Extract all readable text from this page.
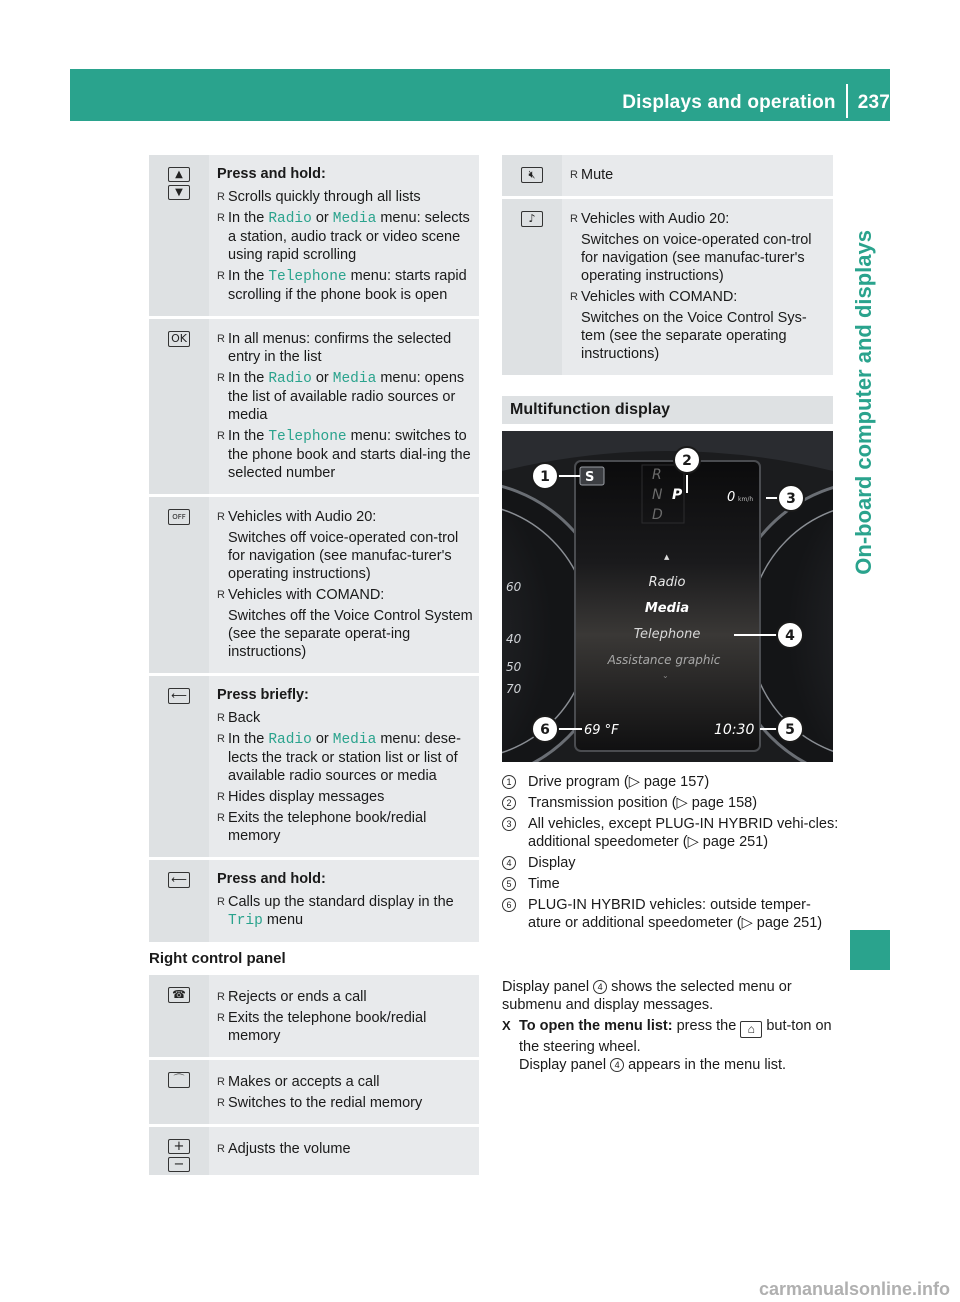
Displays and operation 237
On-board computer and displays
▲
▼
Press and hold:
R Scrolls quickly through all lists
R In the Radio or Media menu: selects a station, audio track or video scene using rapid scrolling
R In the Telephone menu: starts rapid scrolling if the phone book is open
OK	R In all menus: confirms the selected entry in the list
R In the Radio or Media menu: opens the list of available radio sources or media
R In the Telephone menu: switches to the phone book and starts dial-ing the selected number
OFF	R Vehicles with Audio 20:
Switches off voice-operated con-trol for navigation (see manufac-turer's operating instructions)
R Vehicles with COMAND:
Switches off the Voice Control System (see the separate operat-ing instructions)
⟵ Press briefly:
R Back
R In the Radio or Media menu: dese-lects the track or station list or list of available radio sources or media
R Hides display messages
R Exits the telephone book/redial memory
⟵ Press and hold:
R Calls up the standard display in the Trip menu
Right control panel
☎	R Rejects or ends a call
R Exits the telephone book/redial memory
⌒	R Makes or accepts a call
R Switches to the redial memory
+
−
R Adjusts the volume
🔇︎	R Mute
♪	R Vehicles with Audio 20:
Switches on voice-operated con-trol for navigation (see manufac-turer's operating instructions)
R Vehicles with COMAND:
Switches on the Voice Control Sys-tem (see the separate operating instructions)
Multifunction display
60
40
50
70
S	R
N P
D
0 km/h
▲
Radio
Media
Telephone
Assistance graphic
⌄
69 °F	10:30
1
2
3
4
5
6
1	Drive program (▷ page 157)
2	Transmission position (▷ page 158)
3	All vehicles, except PLUG-IN HYBRID vehi-cles: additional speedometer (▷ page 251)
4	Display
5	Time
6	PLUG-IN HYBRID vehicles: outside temper-ature or additional speedometer (▷ page 251)
Display panel 4 shows the selected menu or submenu and display messages.
X To open the menu list: press the ⌂ but-ton on the steering wheel.
Display panel 4 appears in the menu list.
carmanualsonline.info
